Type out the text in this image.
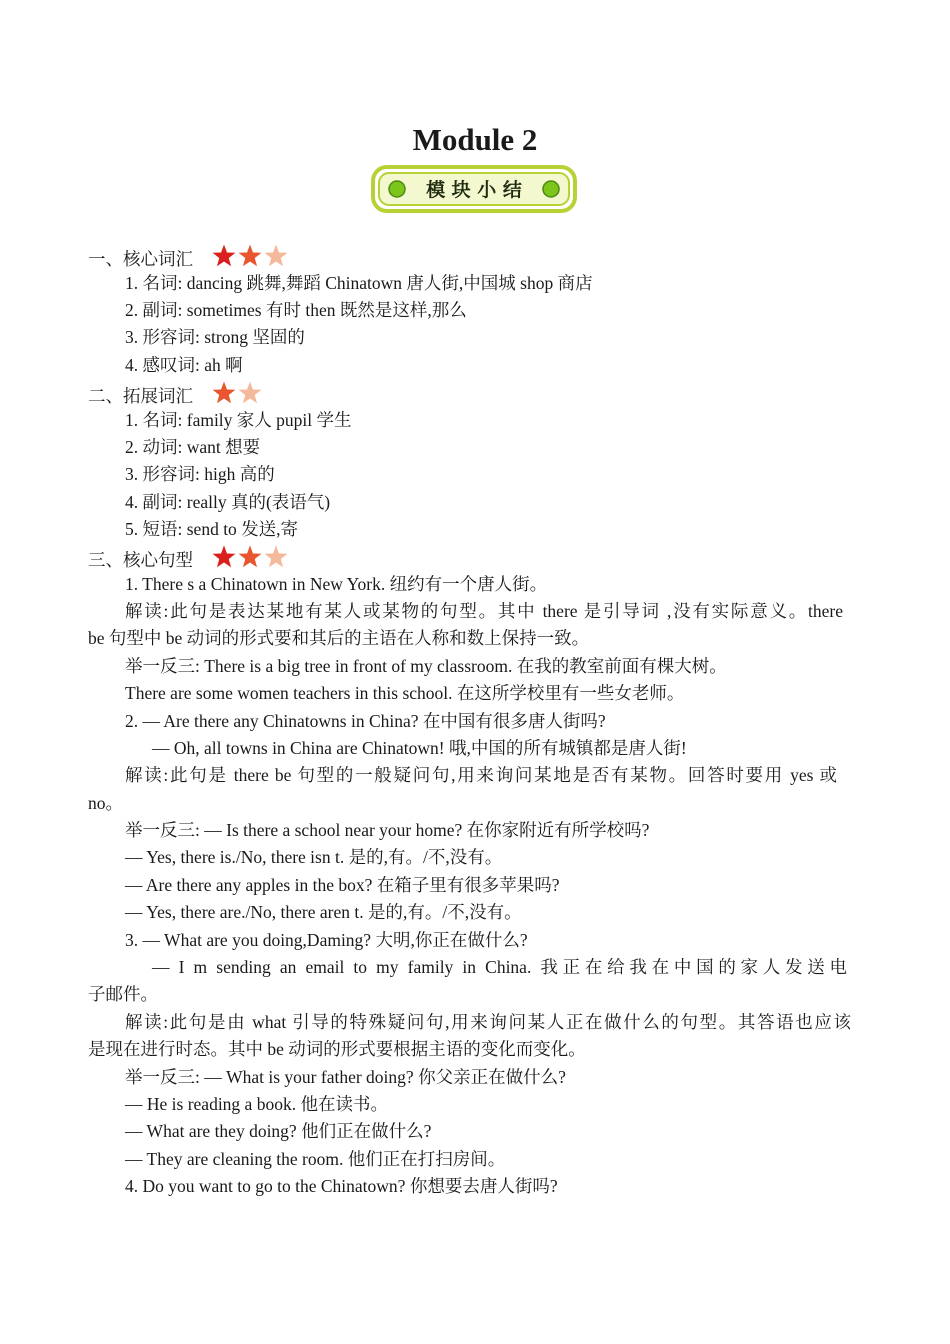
Module 2
模 块 小 结
一、核心词汇
1. 名词: dancing 跳舞,舞蹈 Chinatown 唐人街,中国城 shop 商店
2. 副词: sometimes 有时 then 既然是这样,那么
3. 形容词: strong 坚固的
4. 感叹词: ah 啊
二、拓展词汇
1. 名词: family 家人 pupil 学生
2. 动词: want 想要
3. 形容词: high 高的
4. 副词: really 真的(表语气)
5. 短语: send to 发送,寄
三、核心句型
1. There s a Chinatown in New York. 纽约有一个唐人街。
解读:此句是表达某地有某人或某物的句型。其中 there 是引导词 ,没有实际意义。there
be 句型中 be 动词的形式要和其后的主语在人称和数上保持一致。
举一反三: There is a big tree in front of my classroom. 在我的教室前面有棵大树。
There are some women teachers in this school. 在这所学校里有一些女老师。
2. — Are there any Chinatowns in China? 在中国有很多唐人街吗?
— Oh, all towns in China are Chinatown! 哦,中国的所有城镇都是唐人街!
解读:此句是 there be 句型的一般疑问句,用来询问某地是否有某物。回答时要用 yes 或
no。
举一反三: — Is there a school near your home? 在你家附近有所学校吗?
— Yes, there is./No, there isn t. 是的,有。/不,没有。
— Are there any apples in the box? 在箱子里有很多苹果吗?
— Yes, there are./No, there aren t. 是的,有。/不,没有。
3. — What are you doing,Daming? 大明,你正在做什么?
— I m sending an email to my family in China. 我正在给我在中国的家人发送电
子邮件。
解读:此句是由 what 引导的特殊疑问句,用来询问某人正在做什么的句型。其答语也应该
是现在进行时态。其中 be 动词的形式要根据主语的变化而变化。
举一反三: — What is your father doing? 你父亲正在做什么?
— He is reading a book. 他在读书。
— What are they doing? 他们正在做什么?
— They are cleaning the room. 他们正在打扫房间。
4. Do you want to go to the Chinatown? 你想要去唐人街吗?
